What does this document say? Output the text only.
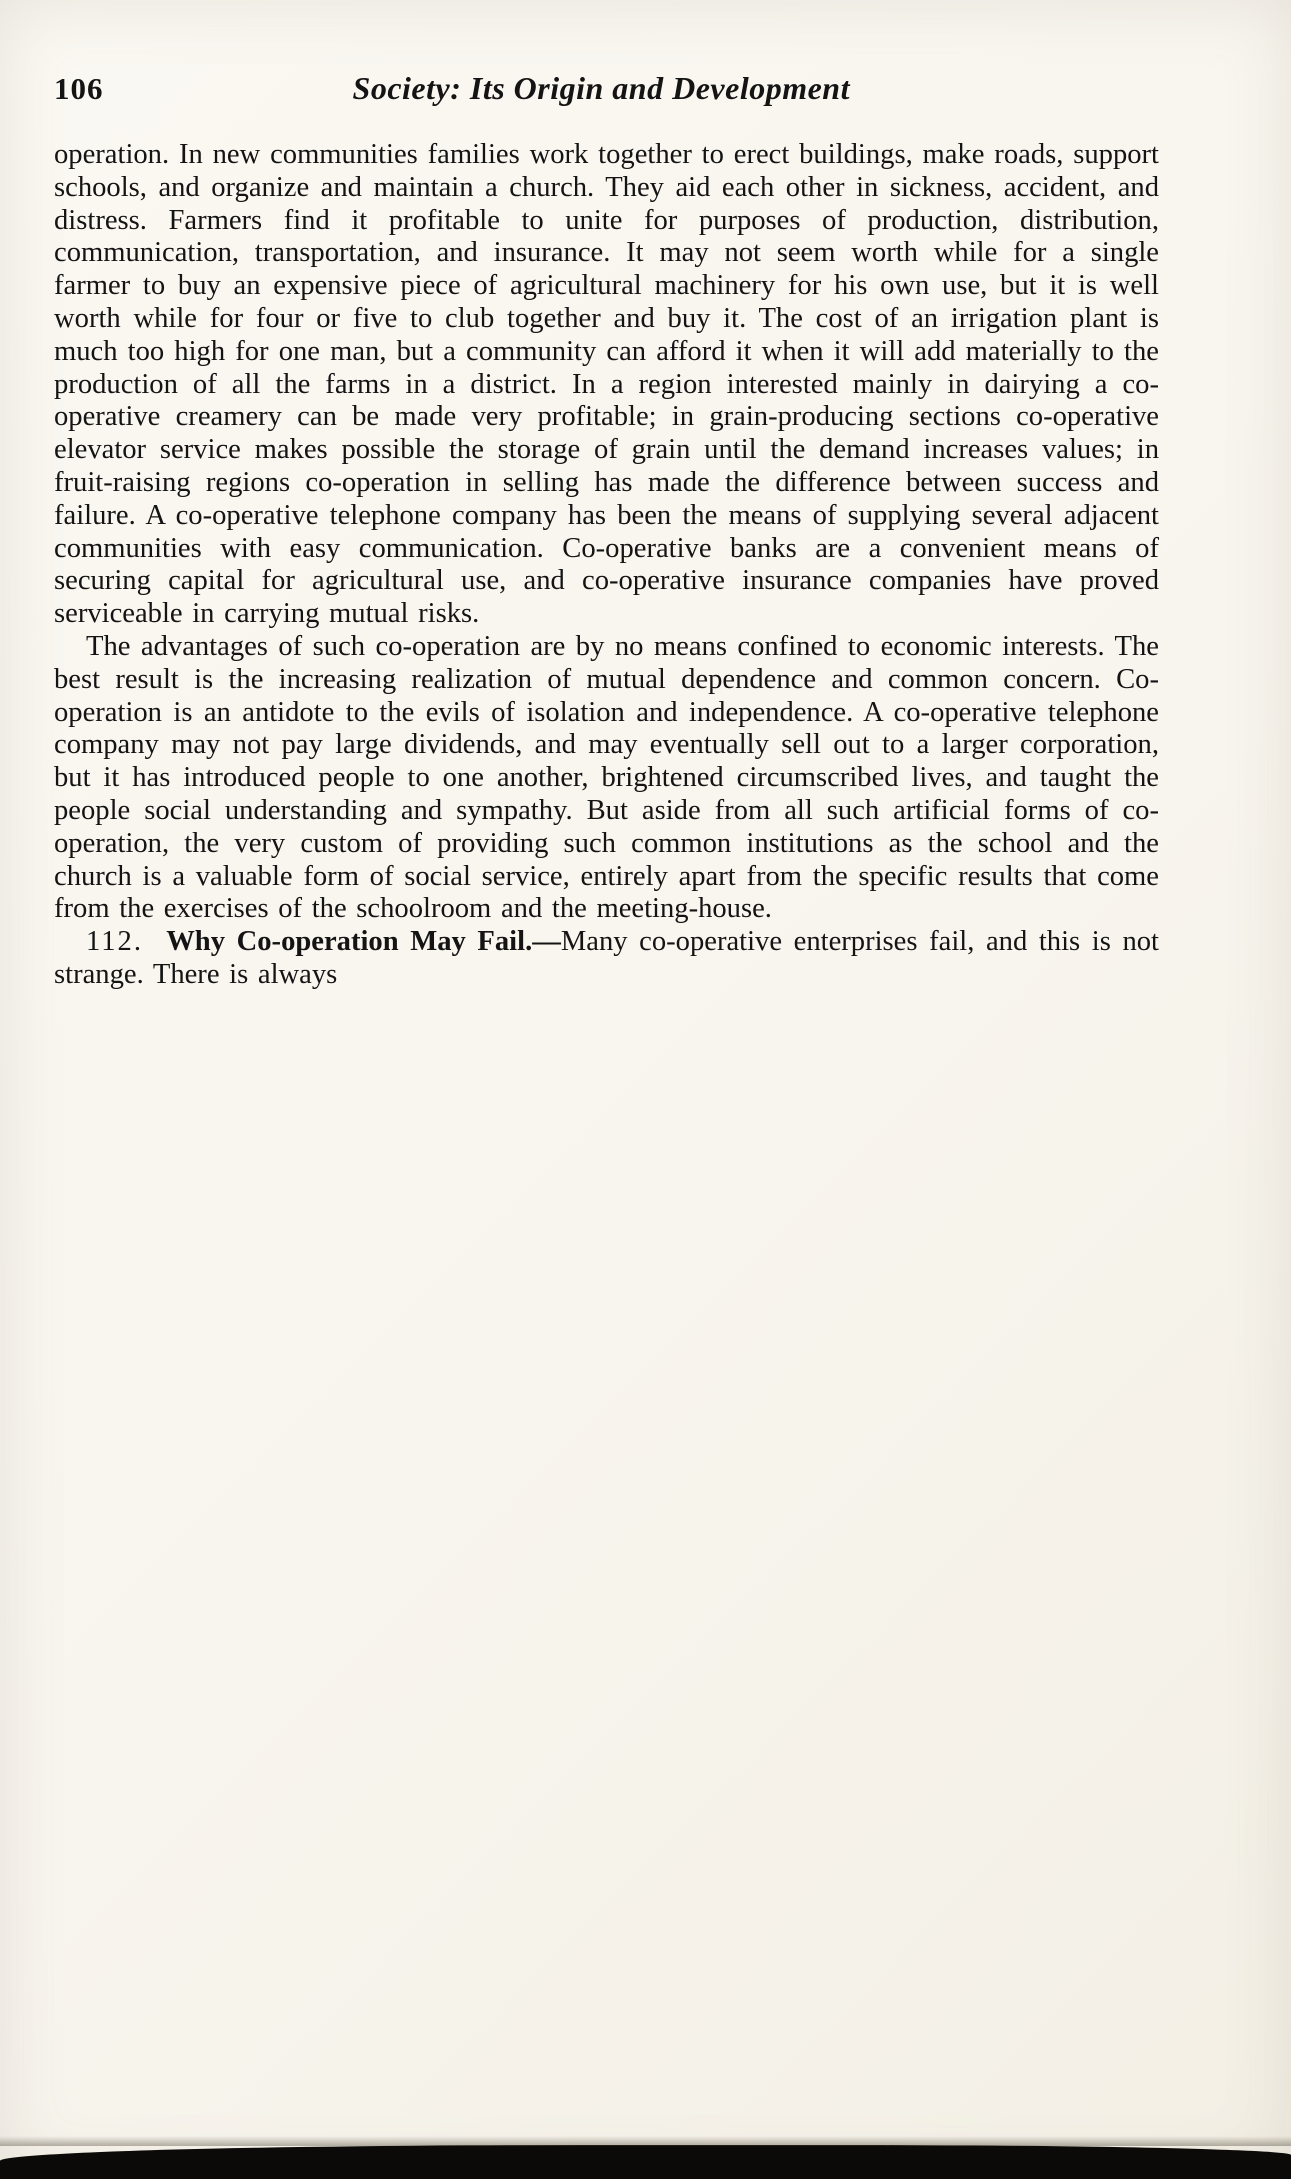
106	Society: Its Origin and Development

operation. In new communities families work together to erect buildings, make roads, support schools, and organize and maintain a church. They aid each other in sickness, accident, and distress. Farmers find it profitable to unite for purposes of production, distribution, communication, transportation, and insurance. It may not seem worth while for a single farmer to buy an expensive piece of agricultural machinery for his own use, but it is well worth while for four or five to club together and buy it. The cost of an irrigation plant is much too high for one man, but a community can afford it when it will add materially to the production of all the farms in a district. In a region interested mainly in dairying a co-operative creamery can be made very profitable; in grain-producing sections co-operative elevator service makes possible the storage of grain until the demand increases values; in fruit-raising regions co-operation in selling has made the difference between success and failure. A co-operative telephone company has been the means of supplying several adjacent communities with easy communication. Co-operative banks are a convenient means of securing capital for agricultural use, and co-operative insurance companies have proved serviceable in carrying mutual risks.

The advantages of such co-operation are by no means confined to economic interests. The best result is the increasing realization of mutual dependence and common concern. Co-operation is an antidote to the evils of isolation and independence. A co-operative telephone company may not pay large dividends, and may eventually sell out to a larger corporation, but it has introduced people to one another, brightened circumscribed lives, and taught the people social understanding and sympathy. But aside from all such artificial forms of co-operation, the very custom of providing such common institutions as the school and the church is a valuable form of social service, entirely apart from the specific results that come from the exercises of the schoolroom and the meeting-house.

112. Why Co-operation May Fail.—Many co-operative enterprises fail, and this is not strange. There is always
